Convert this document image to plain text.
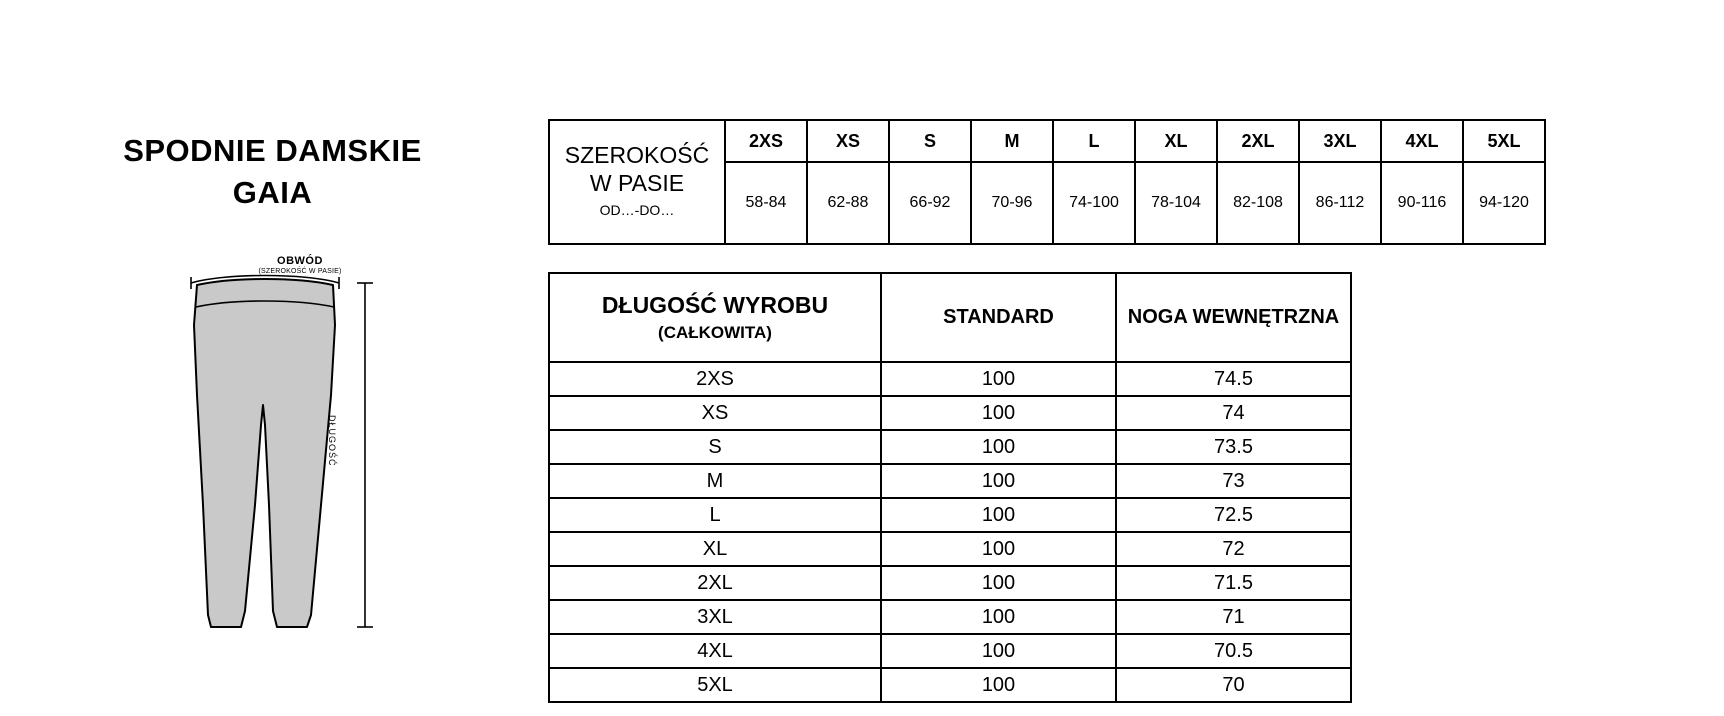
SPODNIE DAMSKIE
GAIA
OBWÓD
(SZEROKOŚĆ W PASIE)
DŁUGOŚĆ
SZEROKOŚĆ
W PASIE
OD…-DO…	2XS	XS	S	M	L	XL	2XL	3XL	4XL	5XL
	58-84	62-88	66-92	70-96	74-100	78-104	82-108	86-112	90-116	94-120
DŁUGOŚĆ WYROBU
(CAŁKOWITA)	STANDARD	NOGA WEWNĘTRZNA
2XS	100	74.5
XS	100	74
S	100	73.5
M	100	73
L	100	72.5
XL	100	72
2XL	100	71.5
3XL	100	71
4XL	100	70.5
5XL	100	70
